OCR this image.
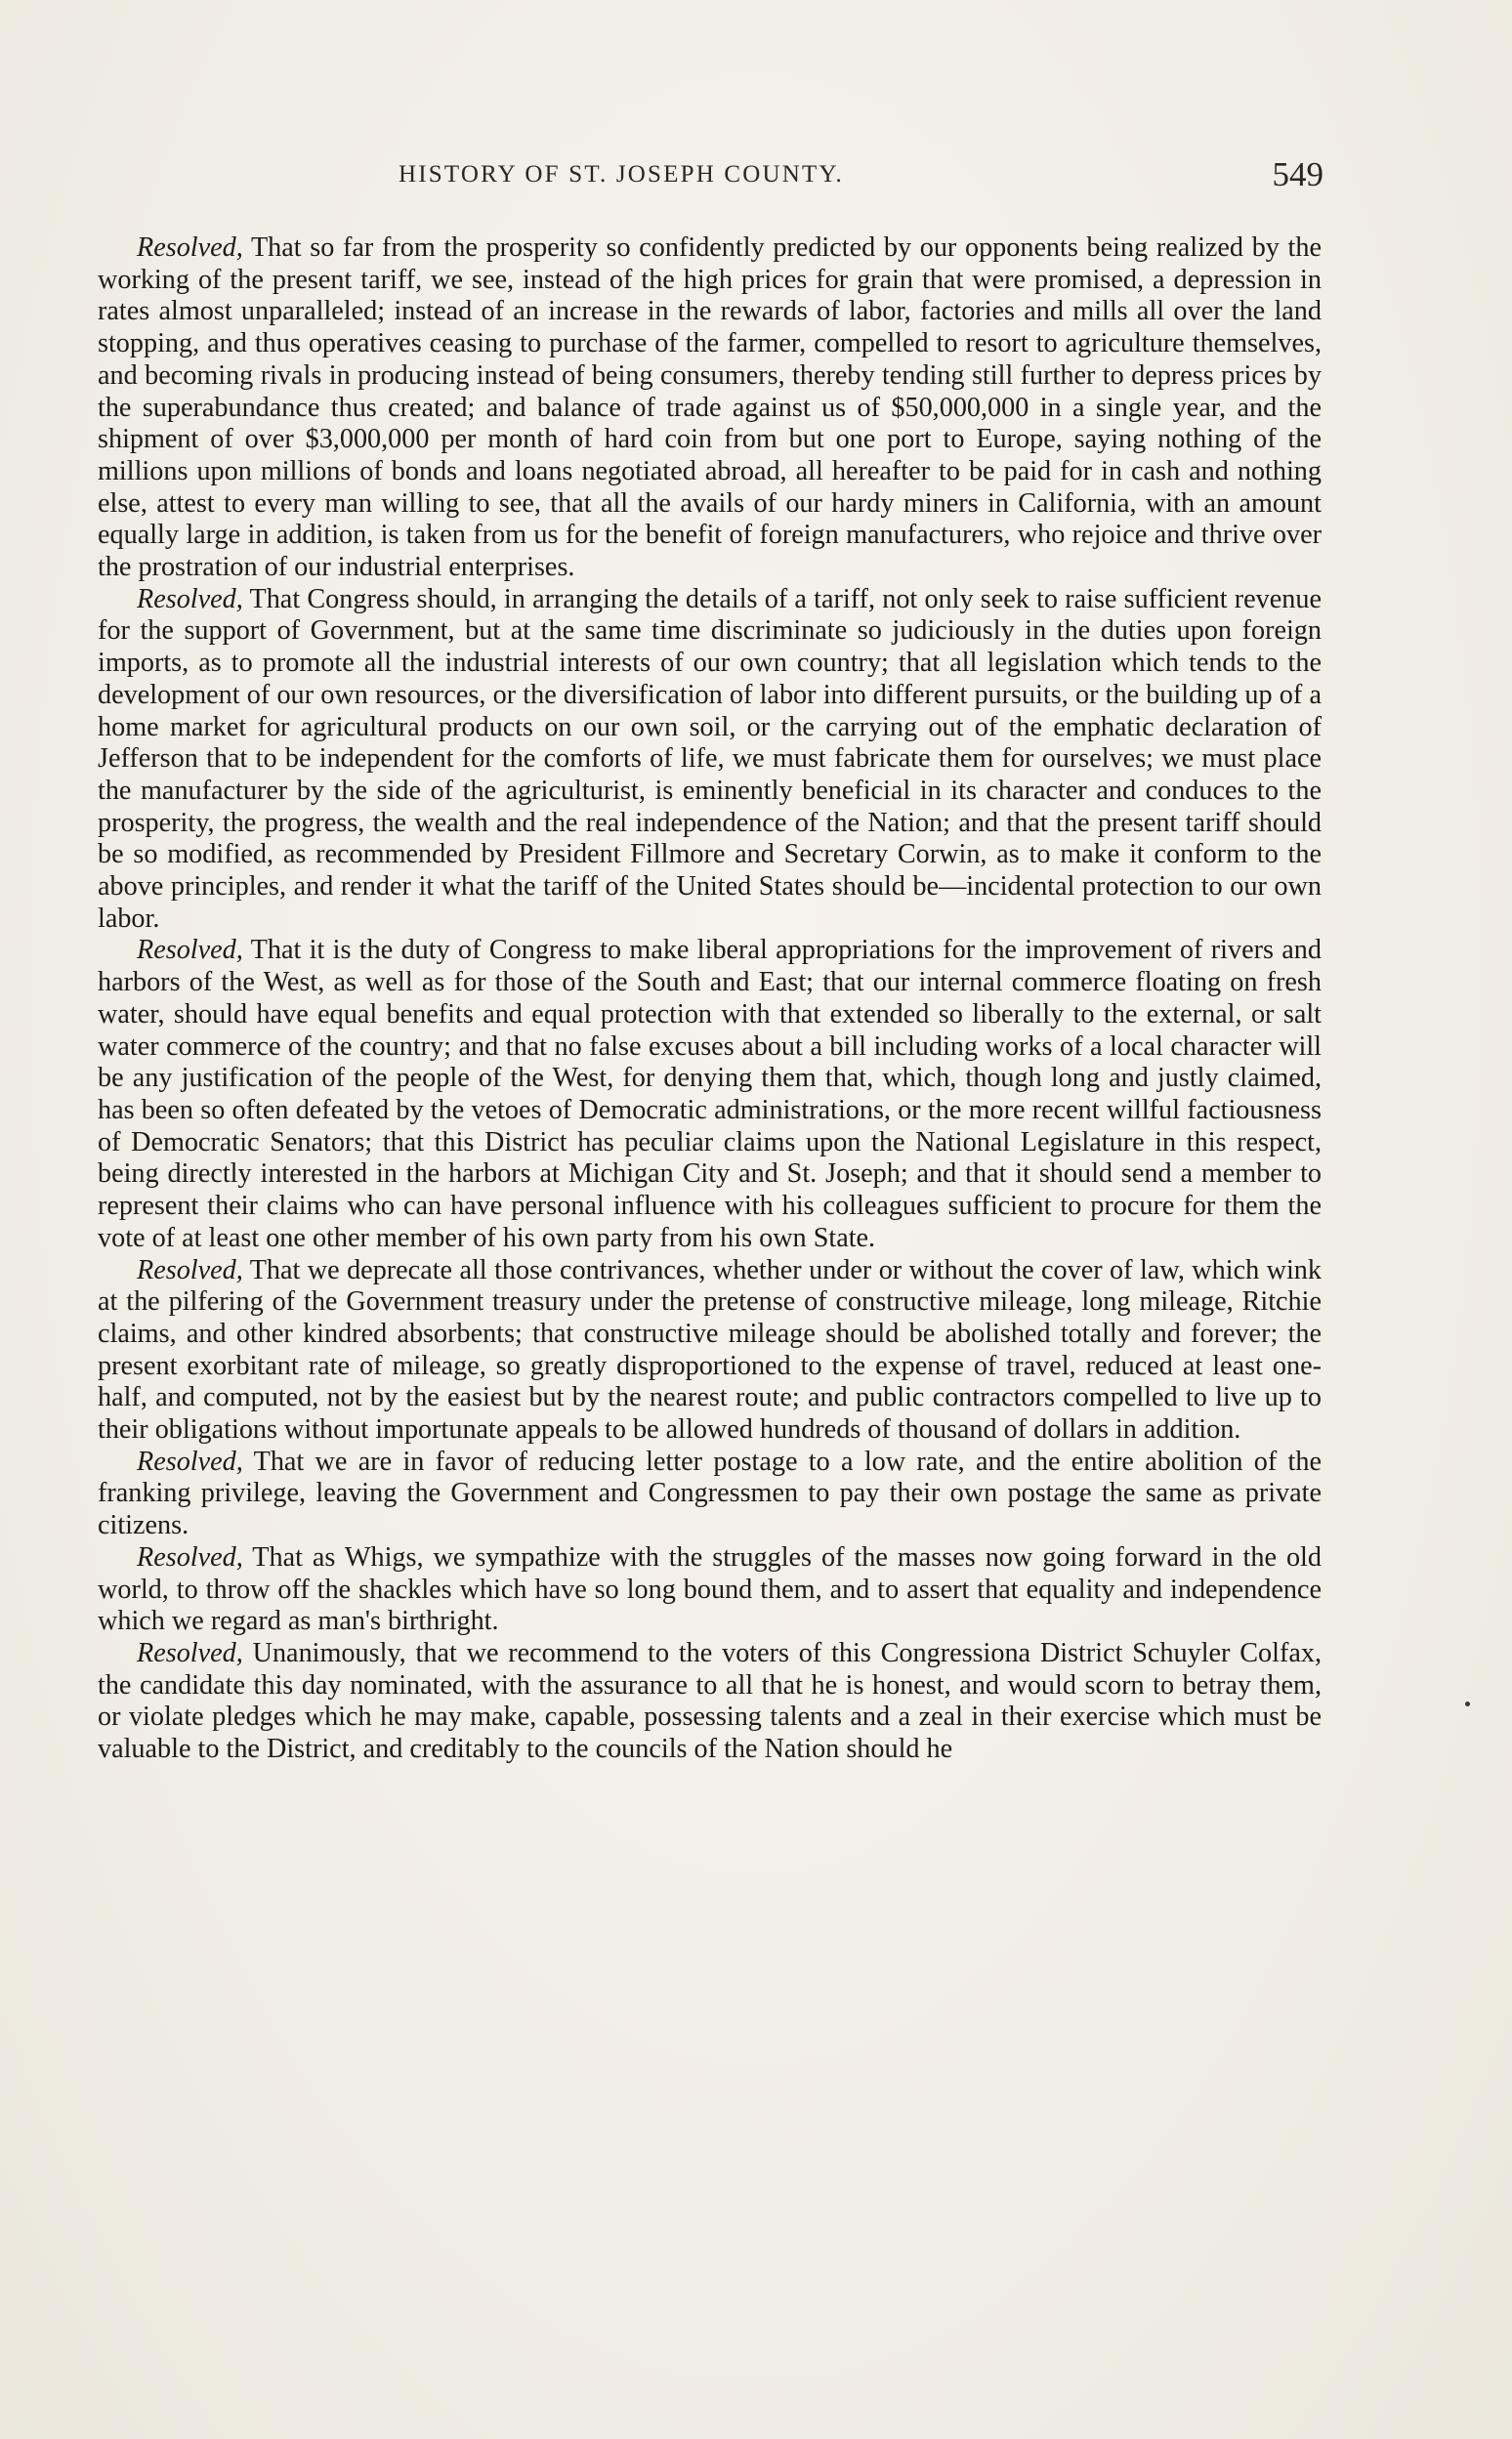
HISTORY OF ST. JOSEPH COUNTY.	549

Resolved, That so far from the prosperity so confidently predicted by our opponents being realized by the working of the present tariff, we see, instead of the high prices for grain that were promised, a depression in rates almost unparalleled; instead of an increase in the rewards of labor, factories and mills all over the land stopping, and thus operatives ceasing to purchase of the farmer, compelled to resort to agriculture themselves, and becoming rivals in producing instead of being consumers, thereby tending still further to depress prices by the superabundance thus created; and balance of trade against us of $50,000,000 in a single year, and the shipment of over $3,000,000 per month of hard coin from but one port to Europe, saying nothing of the millions upon millions of bonds and loans negotiated abroad, all hereafter to be paid for in cash and nothing else, attest to every man willing to see, that all the avails of our hardy miners in California, with an amount equally large in addition, is taken from us for the benefit of foreign manufacturers, who rejoice and thrive over the prostration of our industrial enterprises.

Resolved, That Congress should, in arranging the details of a tariff, not only seek to raise sufficient revenue for the support of Government, but at the same time discriminate so judiciously in the duties upon foreign imports, as to promote all the industrial interests of our own country; that all legislation which tends to the development of our own resources, or the diversification of labor into different pursuits, or the building up of a home market for agricultural products on our own soil, or the carrying out of the emphatic declaration of Jefferson that to be independent for the comforts of life, we must fabricate them for ourselves; we must place the manufacturer by the side of the agriculturist, is eminently beneficial in its character and conduces to the prosperity, the progress, the wealth and the real independence of the Nation; and that the present tariff should be so modified, as recommended by President Fillmore and Secretary Corwin, as to make it conform to the above principles, and render it what the tariff of the United States should be—incidental protection to our own labor.

Resolved, That it is the duty of Congress to make liberal appropriations for the improvement of rivers and harbors of the West, as well as for those of the South and East; that our internal commerce floating on fresh water, should have equal benefits and equal protection with that extended so liberally to the external, or salt water commerce of the country; and that no false excuses about a bill including works of a local character will be any justification of the people of the West, for denying them that, which, though long and justly claimed, has been so often defeated by the vetoes of Democratic administrations, or the more recent willful factiousness of Democratic Senators; that this District has peculiar claims upon the National Legislature in this respect, being directly interested in the harbors at Michigan City and St. Joseph; and that it should send a member to represent their claims who can have personal influence with his colleagues sufficient to procure for them the vote of at least one other member of his own party from his own State.

Resolved, That we deprecate all those contrivances, whether under or without the cover of law, which wink at the pilfering of the Government treasury under the pretense of constructive mileage, long mileage, Ritchie claims, and other kindred absorbents; that constructive mileage should be abolished totally and forever; the present exorbitant rate of mileage, so greatly disproportioned to the expense of travel, reduced at least one-half, and computed, not by the easiest but by the nearest route; and public contractors compelled to live up to their obligations without importunate appeals to be allowed hundreds of thousand of dollars in addition.

Resolved, That we are in favor of reducing letter postage to a low rate, and the entire abolition of the franking privilege, leaving the Government and Congressmen to pay their own postage the same as private citizens.

Resolved, That as Whigs, we sympathize with the struggles of the masses now going forward in the old world, to throw off the shackles which have so long bound them, and to assert that equality and independence which we regard as man's birthright.

Resolved, Unanimously, that we recommend to the voters of this Congressiona District Schuyler Colfax, the candidate this day nominated, with the assurance to all that he is honest, and would scorn to betray them, or violate pledges which he may make, capable, possessing talents and a zeal in their exercise which must be valuable to the District, and creditably to the councils of the Nation should he
